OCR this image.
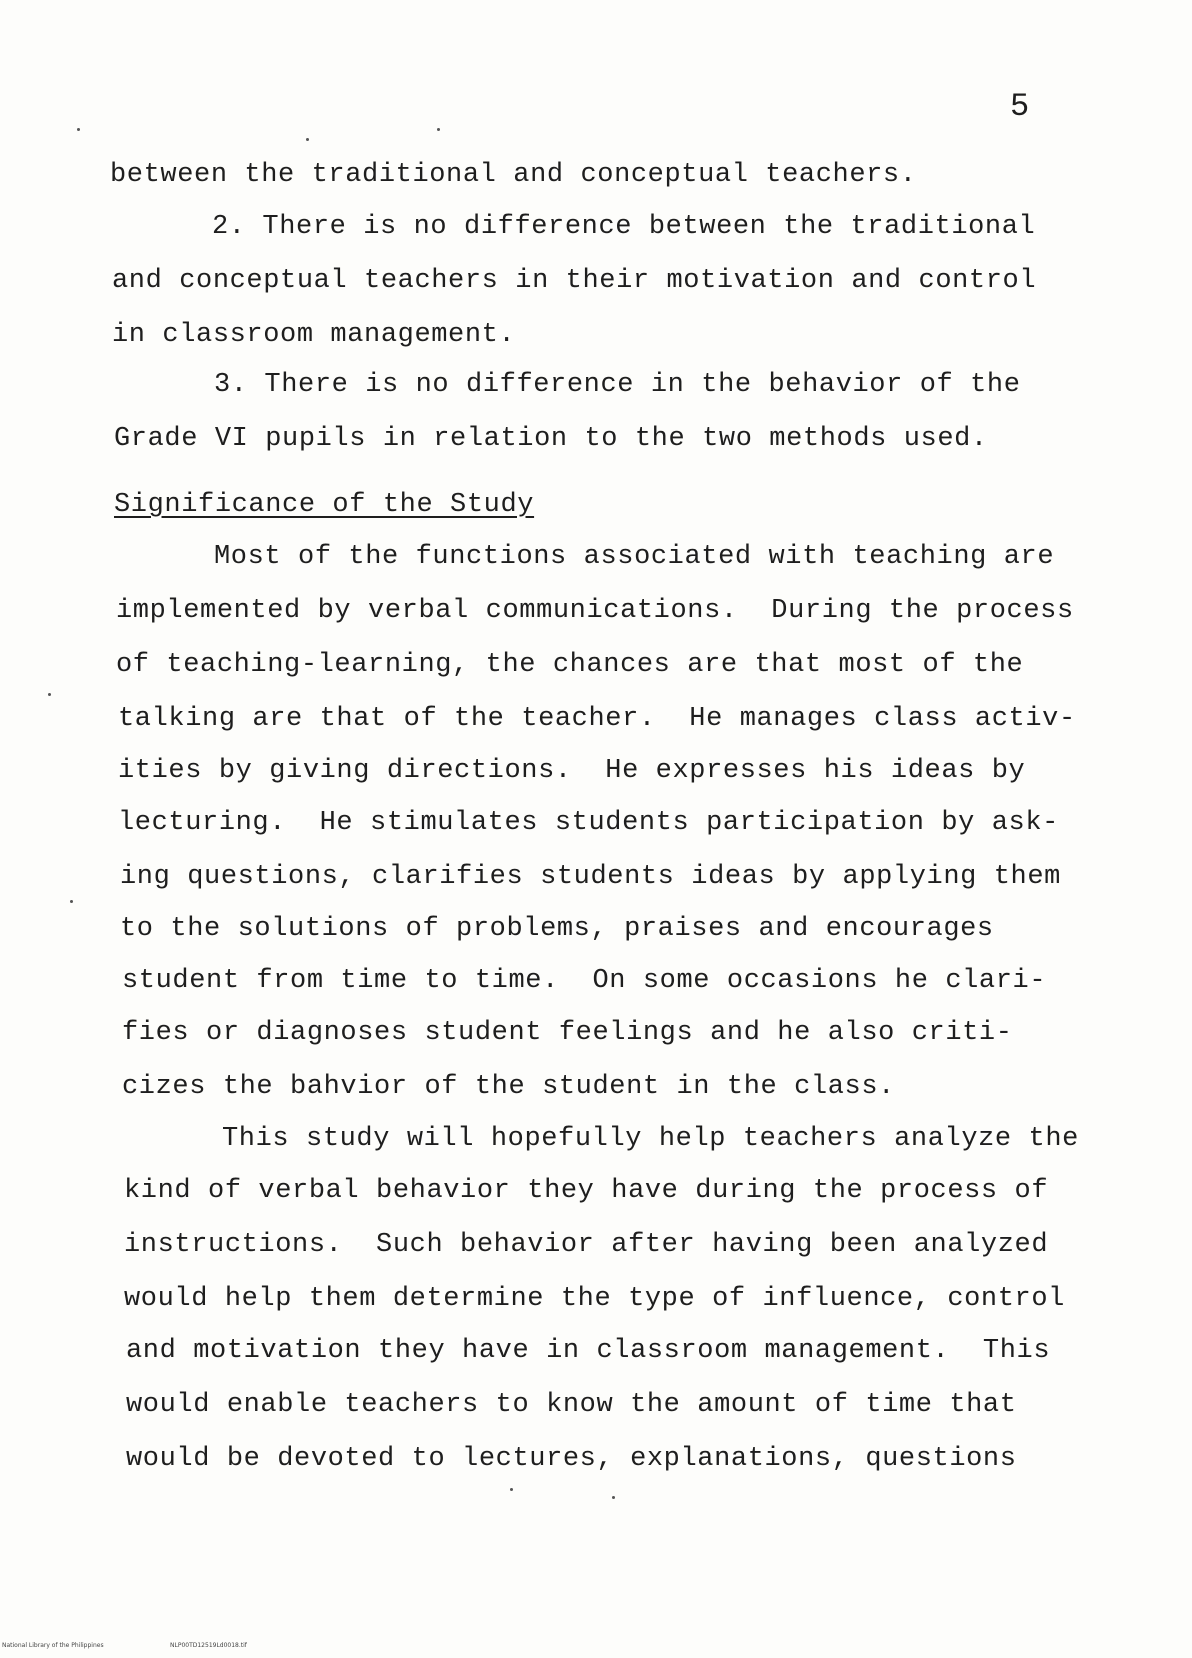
5
between the traditional and conceptual teachers.
2. There is no difference between the traditional
and conceptual teachers in their motivation and control
in classroom management.
3. There is no difference in the behavior of the
Grade VI pupils in relation to the two methods used.
Significance of the Study
Most of the functions associated with teaching are
implemented by verbal communications.  During the process
of teaching-learning, the chances are that most of the
talking are that of the teacher.  He manages class activ-
ities by giving directions.  He expresses his ideas by
lecturing.  He stimulates students participation by ask-
ing questions, clarifies students ideas by applying them
to the solutions of problems, praises and encourages
student from time to time.  On some occasions he clari-
fies or diagnoses student feelings and he also criti-
cizes the bahvior of the student in the class.
This study will hopefully help teachers analyze the
kind of verbal behavior they have during the process of
instructions.  Such behavior after having been analyzed
would help them determine the type of influence, control
and motivation they have in classroom management.  This
would enable teachers to know the amount of time that
would be devoted to lectures, explanations, questions
National Library of the Philippines	NLP00TD12519Ld0018.tif
